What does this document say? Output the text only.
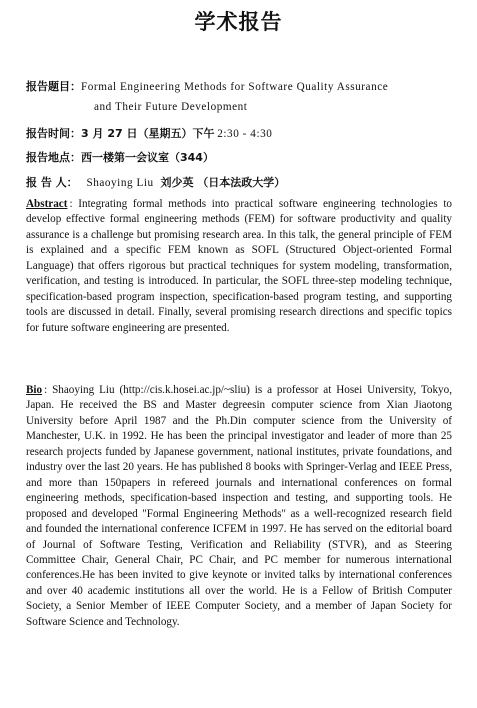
学术报告
报告题目：Formal Engineering Methods for Software Quality Assurance
and Their Future Development
报告时间：3 月 27 日（星期五）下午 2:30 - 4:30
报告地点：西一楼第一会议室（344）
报 告 人： Shaoying Liu 刘少英 （日本法政大学）

Abstract : Integrating formal methods into practical software engineering technologies to develop effective formal engineering methods (FEM) for software productivity and quality assurance is a challenge but promising research area. In this talk, the general principle of FEM is explained and a specific FEM known as SOFL (Structured Object-oriented Formal Language) that offers rigorous but practical techniques for system modeling, transformation, verification, and testing is introduced. In particular, the SOFL three-step modeling technique, specification-based program inspection, specification-based program testing, and supporting tools are discussed in detail. Finally, several promising research directions and specific topics for future software engineering are presented.

Bio : Shaoying Liu (http://cis.k.hosei.ac.jp/~sliu) is a professor at Hosei University, Tokyo, Japan. He received the BS and Master degreesin computer science from Xian Jiaotong University before April 1987 and the Ph.Din computer science from the University of Manchester, U.K. in 1992. He has been the principal investigator and leader of more than 25 research projects funded by Japanese government, national institutes, private foundations, and industry over the last 20 years. He has published 8 books with Springer-Verlag and IEEE Press, and more than 150papers in refereed journals and international conferences on formal engineering methods, specification-based inspection and testing, and supporting tools. He proposed and developed "Formal Engineering Methods" as a well-recognized research field and founded the international conference ICFEM in 1997. He has served on the editorial board of Journal of Software Testing, Verification and Reliability (STVR), and as Steering Committee Chair, General Chair, PC Chair, and PC member for numerous international conferences.He has been invited to give keynote or invited talks by international conferences and over 40 academic institutions all over the world. He is a Fellow of British Computer Society, a Senior Member of IEEE Computer Society, and a member of Japan Society for Software Science and Technology.
